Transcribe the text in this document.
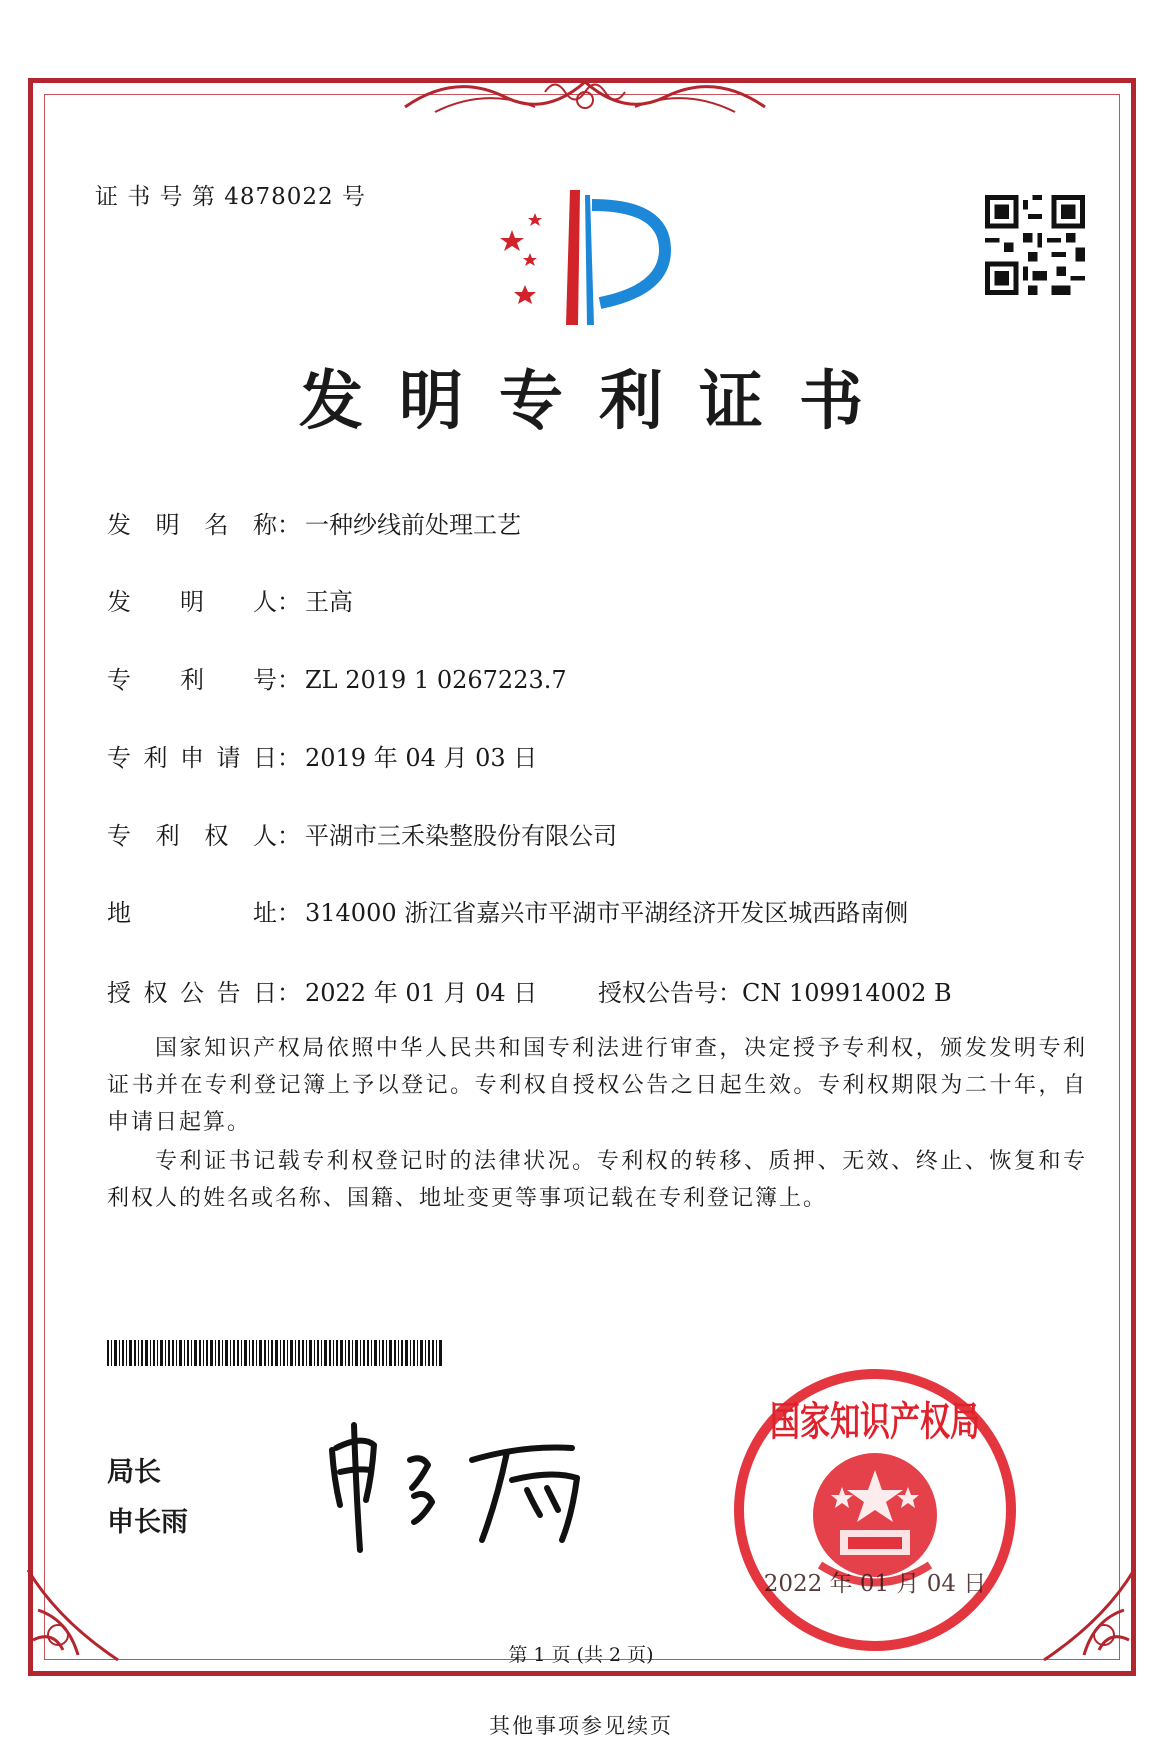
证 书 号 第 4878022 号
发明专利证书
发 明 名 称： 一种纱线前处理工艺
发 明 人： 王高
专 利 号： ZL 2019 1 0267223.7
专利申请日： 2019 年 04 月 03 日
专 利 权 人： 平湖市三禾染整股份有限公司
地 址： 314000 浙江省嘉兴市平湖市平湖经济开发区城西路南侧
授权公告日： 2022 年 01 月 04 日	授权公告号：CN 109914002 B
国家知识产权局依照中华人民共和国专利法进行审查，决定授予专利权，颁发发明专利证书并在专利登记簿上予以登记。专利权自授权公告之日起生效。专利权期限为二十年，自申请日起算。
专利证书记载专利权登记时的法律状况。专利权的转移、质押、无效、终止、恢复和专利权人的姓名或名称、国籍、地址变更等事项记载在专利登记簿上。
局长
申长雨
国家知识产权局
2022 年 01 月 04 日
第 1 页 (共 2 页)
其他事项参见续页
